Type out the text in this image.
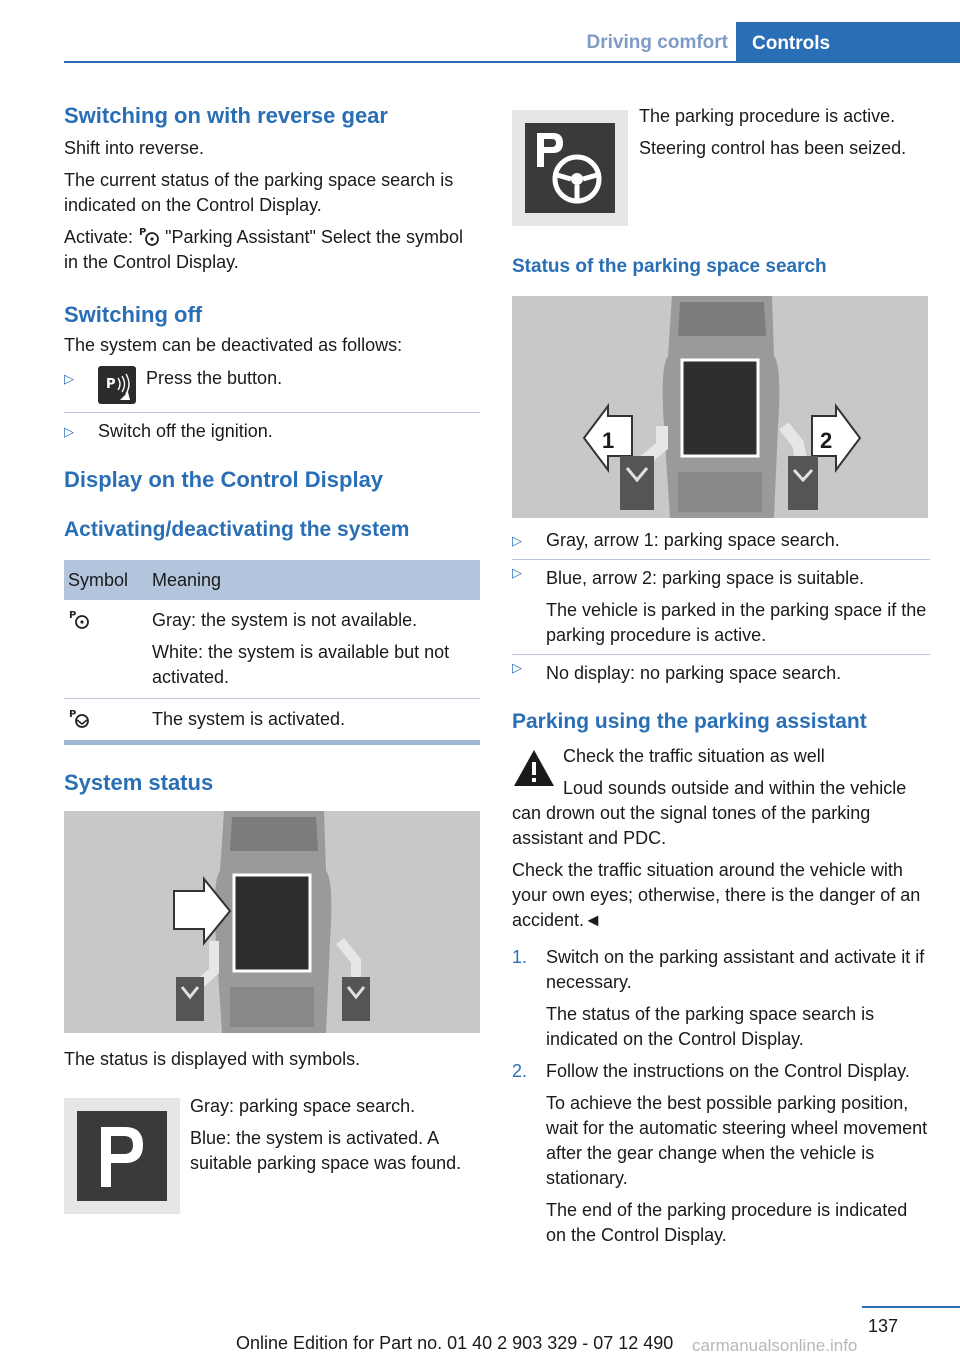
Driving comfort	Controls
Switching on with reverse gear

Shift into reverse.

The current status of the parking space search is indicated on the Control Display.

Activate: P "Parking Assistant" Select the symbol in the Control Display.

Switching off

The system can be deactivated as follows:

▷ P Press the button.
▷ Switch off the ignition.
Display on the Control Display
Activating/deactivating the system
Symbol	Meaning

P	Gray: the system is not available.
White: the system is available but not activated.

P	The system is activated.
System status

The status is displayed with symbols.

Gray: parking space search.

Blue: the system is activated. A suitable parking space was found.

The parking procedure is active.

Steering control has been seized.

Status of the parking space search
1	2
▷ Gray, arrow 1: parking space search.
▷ Blue, arrow 2: parking space is suitable.
The vehicle is parked in the parking space if the parking procedure is active.
▷ No display: no parking space search.
Parking using the parking assistant

Check the traffic situation as well

Loud sounds outside and within the vehicle can drown out the signal tones of the parking assistant and PDC.

Check the traffic situation around the vehicle with your own eyes; otherwise, there is the danger of an accident.◄

1. Switch on the parking assistant and activate it if necessary.
The status of the parking space search is indicated on the Control Display.
2. Follow the instructions on the Control Display.
To achieve the best possible parking position, wait for the automatic steering wheel movement after the gear change when the vehicle is stationary.
The end of the parking procedure is indicated on the Control Display.
137
Online Edition for Part no. 01 40 2 903 329 - 07 12 490 carmanualsonline.info
